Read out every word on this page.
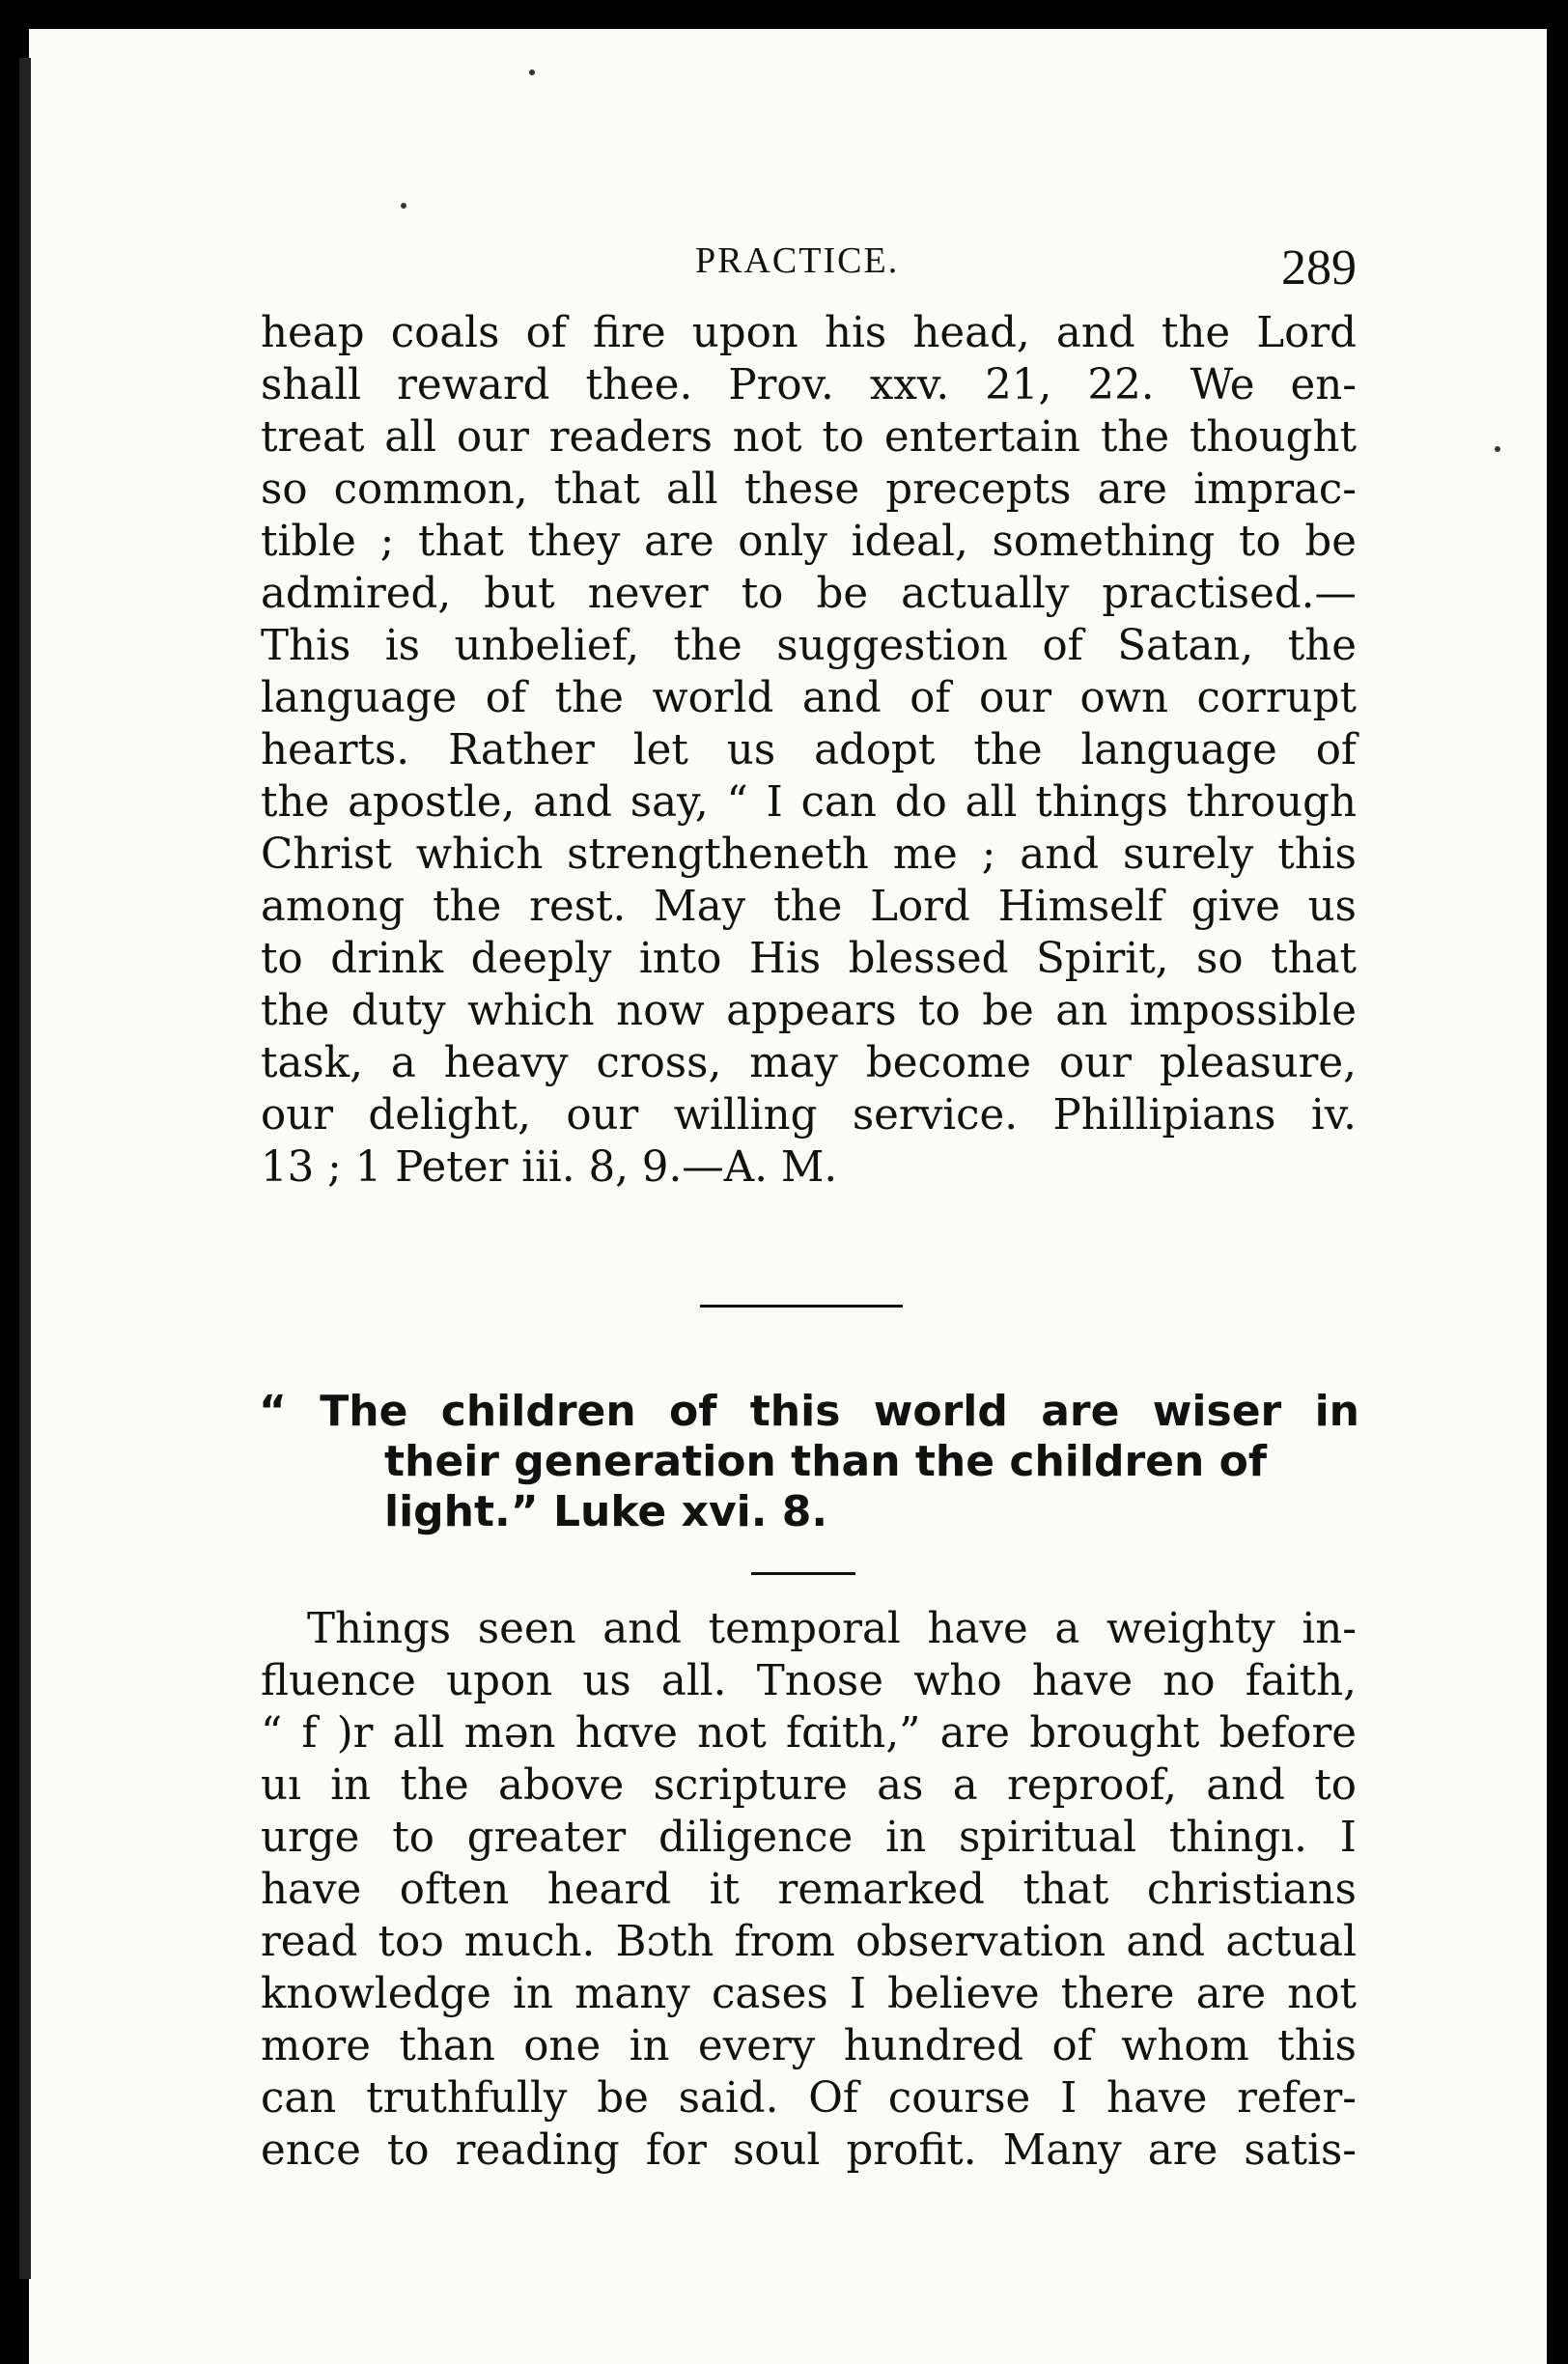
PRACTICE.	289

heap coals of fire upon his head, and the Lord
shall reward thee. Prov. xxv. 21, 22. We en-
treat all our readers not to entertain the thought
so common, that all these precepts are imprac-
tible ; that they are only ideal, something to be
admired, but never to be actually practised.—
This is unbelief, the suggestion of Satan, the
language of the world and of our own corrupt
hearts. Rather let us adopt the language of
the apostle, and say, “ I can do all things through
Christ which strengtheneth me ; and surely this
among the rest. May the Lord Himself give us
to drink deeply into His blessed Spirit, so that
the duty which now appears to be an impossible
task, a heavy cross, may become our pleasure,
our delight, our willing service. Phillipians iv.
13 ; 1 Peter iii. 8, 9.—A. M.

“ The children of this world are wiser in
their generation than the children of
light.” Luke xvi. 8.

Things seen and temporal have a weighty in-
fluence upon us all. Tnose who have no faith,
“ f )r all mən hɑve not fɑith,” are brought before
uı in the abοve scripture as a reproof, and to
urge to greater diligence in spiritual thingı. I
have often heard it remarked that christians
read toɔ much. Bɔth from observation and actual
knowledge in many cases I believe there are not
more than one in every hundred of whom this
can truthfully be said. Of course I have refer-
ence to reading for soul profit. Many are satis-
